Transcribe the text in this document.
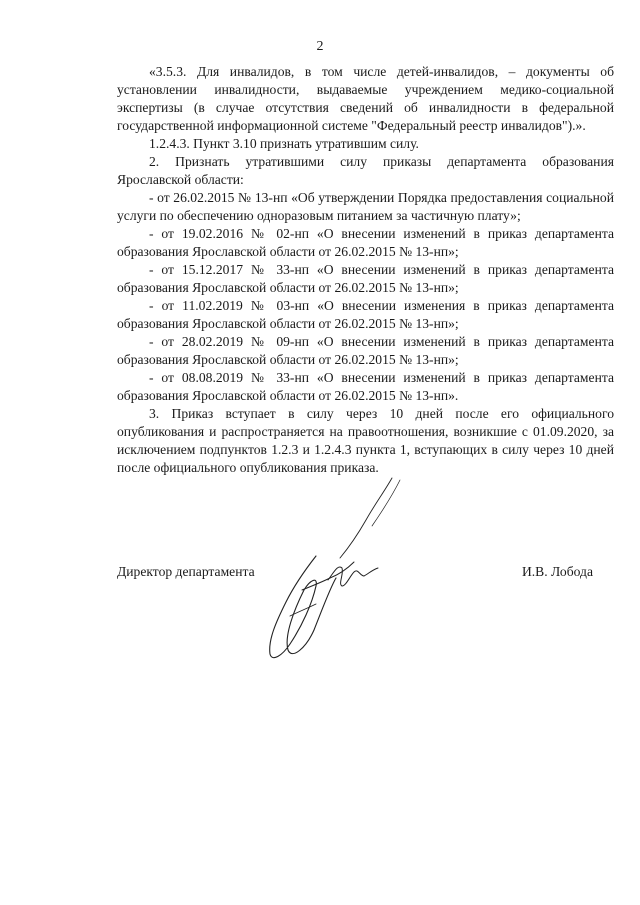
2

«3.5.3. Для инвалидов, в том числе детей-инвалидов, – документы об установлении инвалидности, выдаваемые учреждением медико-социальной экспертизы (в случае отсутствия сведений об инвалидности в федеральной государственной информационной системе "Федеральный реестр инвалидов").».

1.2.4.3. Пункт 3.10 признать утратившим силу.

2. Признать утратившими силу приказы департамента образования Ярославской области:

- от 26.02.2015 № 13-нп «Об утверждении Порядка предоставления социальной услуги по обеспечению одноразовым питанием за частичную плату»;

- от 19.02.2016 № 02-нп «О внесении изменений в приказ департамента образования Ярославской области от 26.02.2015 № 13-нп»;

- от 15.12.2017 № 33-нп «О внесении изменений в приказ департамента образования Ярославской области от 26.02.2015 № 13-нп»;

- от 11.02.2019 № 03-нп «О внесении изменения в приказ департамента образования Ярославской области от 26.02.2015 № 13-нп»;

- от 28.02.2019 № 09-нп «О внесении изменений в приказ департамента образования Ярославской области от 26.02.2015 № 13-нп»;

- от 08.08.2019 № 33-нп «О внесении изменений в приказ департамента образования Ярославской области от 26.02.2015 № 13-нп».

3. Приказ вступает в силу через 10 дней после его официального опубликования и распространяется на правоотношения, возникшие с 01.09.2020, за исключением подпунктов 1.2.3 и 1.2.4.3 пункта 1, вступающих в силу через 10 дней после официального опубликования приказа.

Директор департамента	И.В. Лобода
